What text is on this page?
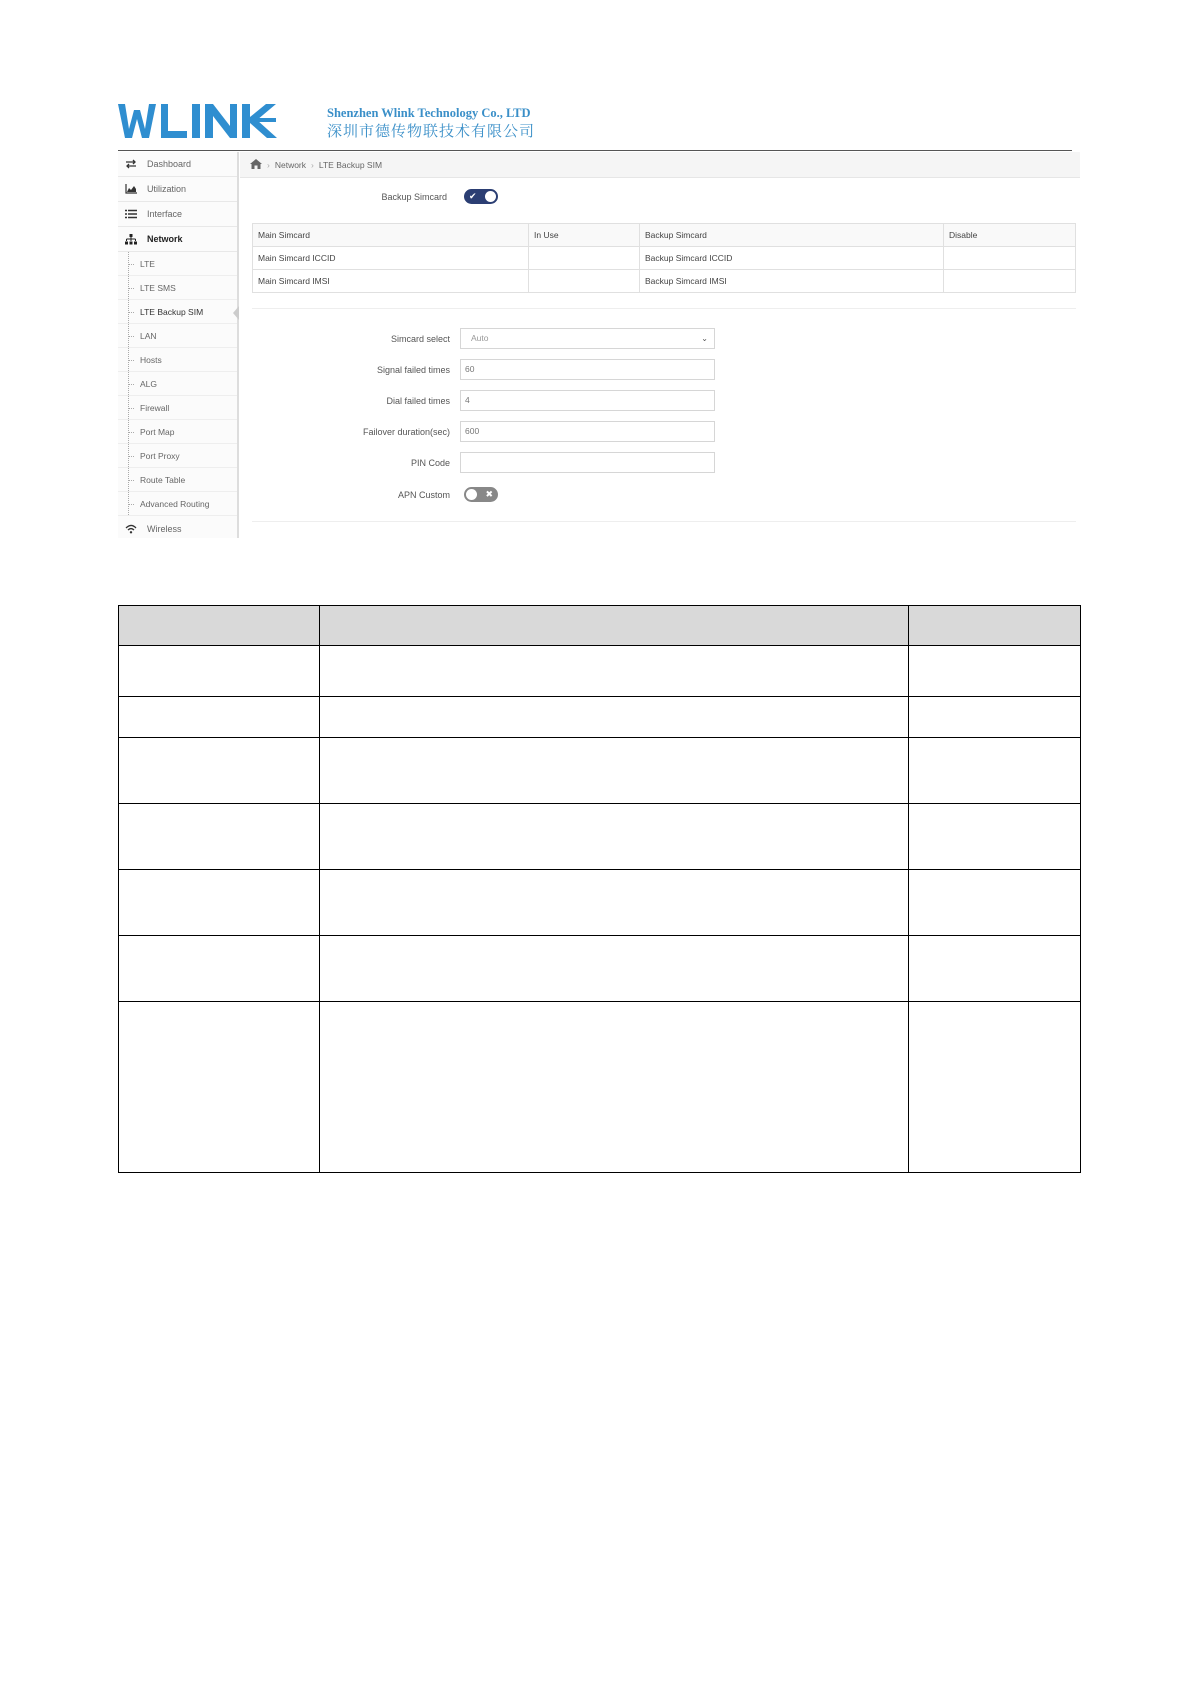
Shenzhen Wlink Technology Co., LTD
深圳市德传物联技术有限公司
Dashboard
Utilization
Interface
Network
LTE
LTE SMS
LTE Backup SIM
LAN
Hosts
ALG
Firewall
Port Map
Port Proxy
Route Table
Advanced Routing
Wireless
› Network › LTE Backup SIM
Backup Simcard ✔
Main Simcard	In Use	Backup Simcard	Disable
Main Simcard ICCID		Backup Simcard ICCID	
Main Simcard IMSI		Backup Simcard IMSI	
Simcard select	Auto	⌄
Signal failed times	60
Dial failed times	4
Failover duration(sec)	600
PIN Code
APN Custom	✖
